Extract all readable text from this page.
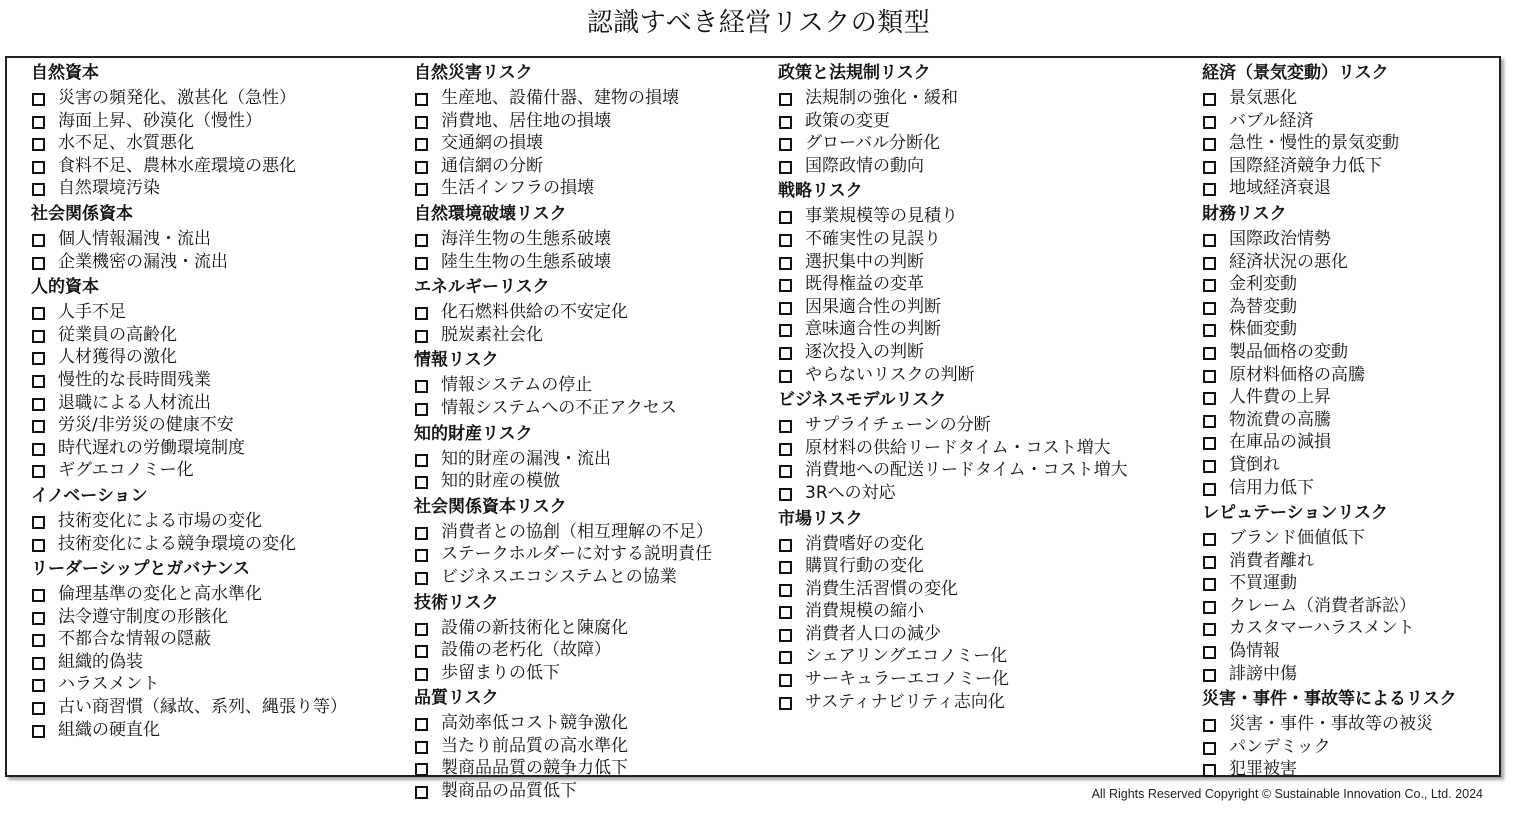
認識すべき経営リスクの類型
自然資本
災害の頻発化、激甚化（急性）
海面上昇、砂漠化（慢性）
水不足、水質悪化
食料不足、農林水産環境の悪化
自然環境汚染
社会関係資本
個人情報漏洩・流出
企業機密の漏洩・流出
人的資本
人手不足
従業員の高齢化
人材獲得の激化
慢性的な長時間残業
退職による人材流出
労災/非労災の健康不安
時代遅れの労働環境制度
ギグエコノミー化
イノベーション
技術変化による市場の変化
技術変化による競争環境の変化
リーダーシップとガバナンス
倫理基準の変化と高水準化
法令遵守制度の形骸化
不都合な情報の隠蔽
組織的偽装
ハラスメント
古い商習慣（縁故、系列、縄張り等）
組織の硬直化
自然災害リスク
生産地、設備什器、建物の損壊
消費地、居住地の損壊
交通網の損壊
通信網の分断
生活インフラの損壊
自然環境破壊リスク
海洋生物の生態系破壊
陸生生物の生態系破壊
エネルギーリスク
化石燃料供給の不安定化
脱炭素社会化
情報リスク
情報システムの停止
情報システムへの不正アクセス
知的財産リスク
知的財産の漏洩・流出
知的財産の模倣
社会関係資本リスク
消費者との協創（相互理解の不足）
ステークホルダーに対する説明責任
ビジネスエコシステムとの協業
技術リスク
設備の新技術化と陳腐化
設備の老朽化（故障）
歩留まりの低下
品質リスク
高効率低コスト競争激化
当たり前品質の高水準化
製商品品質の競争力低下
製商品の品質低下
政策と法規制リスク
法規制の強化・緩和
政策の変更
グローバル分断化
国際政情の動向
戦略リスク
事業規模等の見積り
不確実性の見誤り
選択集中の判断
既得権益の変革
因果適合性の判断
意味適合性の判断
逐次投入の判断
やらないリスクの判断
ビジネスモデルリスク
サプライチェーンの分断
原材料の供給リードタイム・コスト増大
消費地への配送リードタイム・コスト増大
3Rへの対応
市場リスク
消費嗜好の変化
購買行動の変化
消費生活習慣の変化
消費規模の縮小
消費者人口の減少
シェアリングエコノミー化
サーキュラーエコノミー化
サスティナビリティ志向化
経済（景気変動）リスク
景気悪化
バブル経済
急性・慢性的景気変動
国際経済競争力低下
地域経済衰退
財務リスク
国際政治情勢
経済状況の悪化
金利変動
為替変動
株価変動
製品価格の変動
原材料価格の高騰
人件費の上昇
物流費の高騰
在庫品の減損
貸倒れ
信用力低下
レピュテーションリスク
ブランド価値低下
消費者離れ
不買運動
クレーム（消費者訴訟）
カスタマーハラスメント
偽情報
誹謗中傷
災害・事件・事故等によるリスク
災害・事件・事故等の被災
パンデミック
犯罪被害
All Rights Reserved Copyright © Sustainable Innovation Co., Ltd. 2024
